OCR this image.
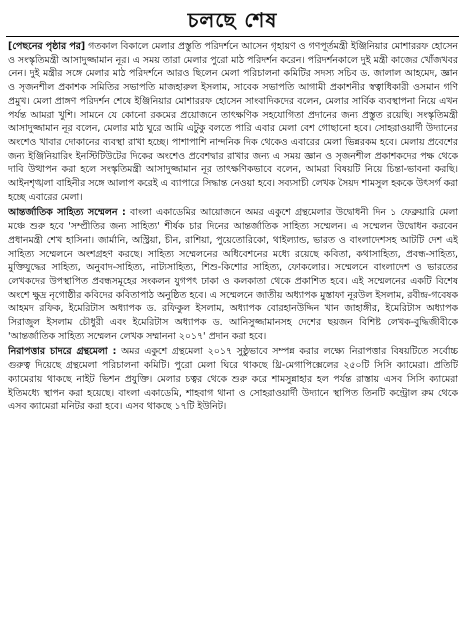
চলছে শেষ

[পেছনের পৃষ্ঠার পর] গতকাল বিকালে মেলার প্রস্তুতি পরিদর্শনে আসেন গৃহায়ণ ও গণপূর্তমন্ত্রী ইঞ্জিনিয়ার মোশাররফ হোসেন ও সংস্কৃতিমন্ত্রী আসাদুজ্জামান নূর। এ সময় তারা মেলার পুরো মাঠ পরিদর্শন করেন। পরিদর্শনকালে দুই মন্ত্রী কাজের খোঁজখবর নেন। দুই মন্ত্রীর সঙ্গে মেলার মাঠ পরিদর্শনে আরও ছিলেন মেলা পরিচালনা কমিটির সদস্য সচিব ড. জালাল আহমেদ, জ্ঞান ও সৃজনশীল প্রকাশক সমিতির সভাপতি মাজহারুল ইসলাম, সাবেক সভাপতি আগামী প্রকাশনীর স্বত্বাধিকারী ওসমান গণি প্রমুখ। মেলা প্রাঙ্গণ পরিদর্শন শেষে ইঞ্জিনিয়ার মোশাররফ হোসেন সাংবাদিকদের বলেন, মেলার সার্বিক ব্যবস্থাপনা নিয়ে এখন পর্যন্ত আমরা খুশি। সামনে যে কোনো রকমের প্রয়োজনে তাৎক্ষণিক সহযোগিতা প্রদানের জন্য প্রস্তুত রয়েছি। সংস্কৃতিমন্ত্রী আসাদুজ্জামান নূর বলেন, মেলার মাঠ ঘুরে আমি এটুকু বলতে পারি এবার মেলা বেশ গোছানো হবে। সোহরাওয়ার্দী উদ্যানের অংশেও খাবার দোকানের ব্যবস্থা রাখা হচ্ছে। পাশাপাশি নান্দনিক দিক থেকেও এবারের মেলা ভিন্নরকম হবে। মেলায় প্রবেশের জন্য ইঞ্জিনিয়ারিং ইনস্টিটিউটের দিকের অংশেও প্রবেশদ্বার রাখার জন্য এ সময় জ্ঞান ও সৃজনশীল প্রকাশকদের পক্ষ থেকে দাবি উত্থাপন করা হলে সংস্কৃতিমন্ত্রী আসাদুজ্জামান নূর তাৎক্ষণিকভাবে বলেন, আমরা বিষয়টি নিয়ে চিন্তা-ভাবনা করছি। আইনশৃঙ্খলা বাহিনীর সঙ্গে আলাপ করেই এ ব্যাপারে সিদ্ধান্ত নেওয়া হবে। সব্যসাচী লেখক সৈয়দ শামসুল হককে উৎসর্গ করা হচ্ছে এবারের মেলা।

আন্তর্জাতিক সাহিত্য সম্মেলন : বাংলা একাডেমির আয়োজনে অমর একুশে গ্রন্থমেলার উদ্বোধনী দিন ১ ফেব্রুয়ারি মেলা মঞ্চে শুরু হবে 'সম্প্রীতির জন্য সাহিত্য' শীর্ষক চার দিনের আন্তর্জাতিক সাহিত্য সম্মেলন। এ সম্মেলন উদ্বোধন করবেন প্রধানমন্ত্রী শেখ হাসিনা। জার্মানি, অস্ট্রিয়া, চীন, রাশিয়া, পুয়েতোরিকো, থাইল্যান্ড, ভারত ও বাংলাদেশসহ আটটি দেশ এই সাহিত্য সম্মেলনে অংশগ্রহণ করছে। সাহিত্য সম্মেলনের অধিবেশনের মধ্যে রয়েছে কবিতা, কথাসাহিত্য, প্রবন্ধ-সাহিত্য, মুক্তিযুদ্ধের সাহিত্য, অনুবাদ-সাহিত্য, নাট্যসাহিত্য, শিশু-কিশোর সাহিত্য, ফোকলোর। সম্মেলনে বাংলাদেশ ও ভারতের লেখকদের উপস্থাপিত প্রবন্ধসমূহের সংকলন যুগপৎ ঢাকা ও কলকাতা থেকে প্রকাশিত হবে। এই সম্মেলনের একটি বিশেষ অংশে ক্ষুদ্র নৃগোষ্ঠীর কবিদের কবিতাপাঠ অনুষ্ঠিত হবে। এ সম্মেলনে জাতীয় অধ্যাপক মুস্তাফা নূরউল ইসলাম, রবীন্দ্র-গবেষক আহমদ রফিক, ইমেরিটাস অধ্যাপক ড. রফিকুল ইসলাম, অধ্যাপক বোরহানউদ্দিন খান জাহাঙ্গীর, ইমেরিটাস অধ্যাপক সিরাজুল ইসলাম চৌধুরী এবং ইমেরিটাস অধ্যাপক ড. আনিসুজ্জামানসহ দেশের ছয়জন বিশিষ্ট লেখক-বুদ্ধিজীবীকে 'আন্তর্জাতিক সাহিত্য সম্মেলন লেখক সম্মাননা ২০১৭' প্রদান করা হবে।

নিরাপত্তার চাদরে গ্রন্থমেলা : অমর একুশে গ্রন্থমেলা ২০১৭ সুষ্ঠুভাবে সম্পন্ন করার লক্ষ্যে নিরাপত্তার বিষয়টিতে সর্বোচ্চ গুরুত্ব দিয়েছে গ্রন্থমেলা পরিচালনা কমিটি। পুরো মেলা ঘিরে থাকছে থ্রি-মেগাপিক্সেলের ২৫০টি সিসি ক্যামেরা। প্রতিটি ক্যামেরায় থাকছে নাইট ভিশন প্রযুক্তি। মেলার চত্বর থেকে শুরু করে শামসুন্নাহার হল পর্যন্ত রাস্তায় এসব সিসি ক্যামেরা ইতিমধ্যে স্থাপন করা হয়েছে। বাংলা একাডেমি, শাহবাগ থানা ও সোহরাওয়ার্দী উদ্যানে স্থাপিত তিনটি কন্ট্রোল রুম থেকে এসব ক্যামেরা মনিটর করা হবে। এসব থাকছে ১৭টি ইউনিট।
